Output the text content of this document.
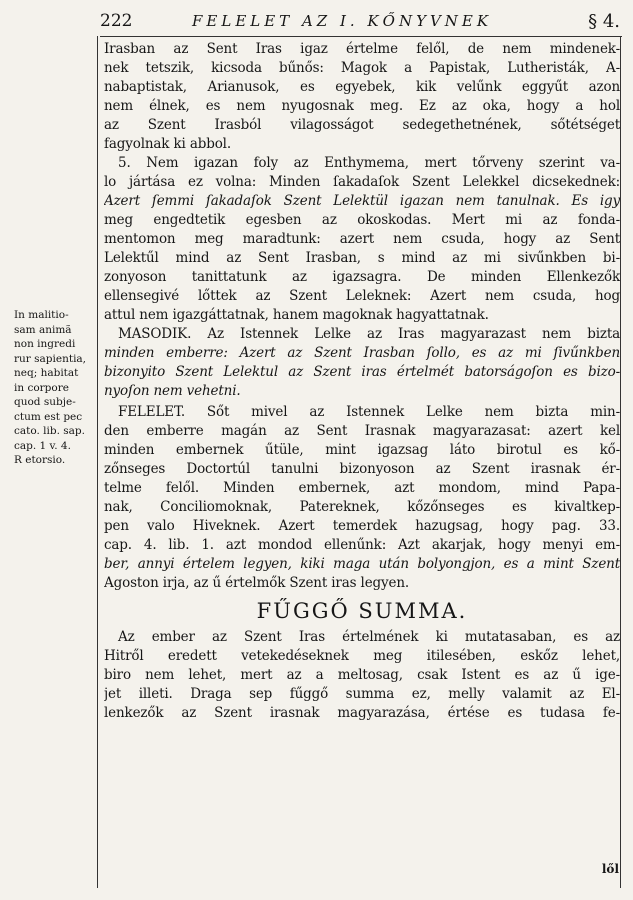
222	FELELET AZ I. KŐNYVNEK	§ 4.
In malitio-
sam animã
non ingredi
rur sapientia,
neq; habitat
in corpore
quod subje-
ctum est pec
cato. lib. sap.
cap. 1 v. 4.
R etorsio.
Irasban az Sent Iras igaz értelme felől, de nem mindenek-
nek tetszik, kicsoda bűnős: Magok a Papistak, Lutheristák, A-
nabaptistak, Arianusok, es egyebek, kik velűnk eggyűt azon
nem élnek, es nem nyugosnak meg. Ez az oka, hogy a hol
az Szent Irasból vilagosságot sedegethetnének, sőtétséget
fagyolnak ki abbol.
5. Nem igazan foly az Enthymema, mert tőrveny szerint va-
lo jártása ez volna: Minden ſakadaſok Szent Lelekkel dicsekednek:
Azert ſemmi ſakadaſok Szent Lelektül igazan nem tanulnak. Es igy
meg engedtetik egesben az okoskodas. Mert mi az fonda-
mentomon meg maradtunk: azert nem csuda, hogy az Sent
Lelektűl mind az Sent Irasban, s mind az mi sivűnkben bi-
zonyoson tanittatunk az igazsagra. De minden Ellenkezők
ellensegivé lőttek az Szent Leleknek: Azert nem csuda, hog
attul nem igazgáttatnak, hanem magoknak hagyattatnak.
MASODIK. Az Istennek Lelke az Iras magyarazast nem bizta
minden emberre: Azert az Szent Irasban ſollo, es az mi ſivűnkben
bizonyito Szent Lelektul az Szent iras értelmét batorságoſon es bizo-
nyoſon nem vehetni.
FELELET. Sőt mivel az Istennek Lelke nem bizta min-
den emberre magán az Sent Irasnak magyarazasat: azert kel
minden embernek űtüle, mint igazsag láto birotul es kő-
zőnseges Doctortúl tanulni bizonyoson az Szent irasnak ér-
telme felől. Minden embernek, azt mondom, mind Papa-
nak, Conciliomoknak, Patereknek, kőzőnseges es kivaltkep-
pen valo Hiveknek. Azert temerdek hazugsag, hogy pag. 33.
cap. 4. lib. 1. azt mondod ellenűnk: Azt akarjak, hogy menyi em-
ber, annyi értelem legyen, kiki maga után bolyongjon, es a mint Szent
Agoston irja, az ű értelmők Szent iras legyen.
FŰGGŐ SUMMA.
Az ember az Szent Iras értelmének ki mutatasaban, es az
Hitről eredett vetekedéseknek meg itilesében, eskőz lehet,
biro nem lehet, mert az a meltosag, csak Istent es az ű ige-
jet illeti. Draga sep fűggő summa ez, melly valamit az El-
lenkezők az Szent irasnak magyarazása, értése es tudasa fe-
lől
